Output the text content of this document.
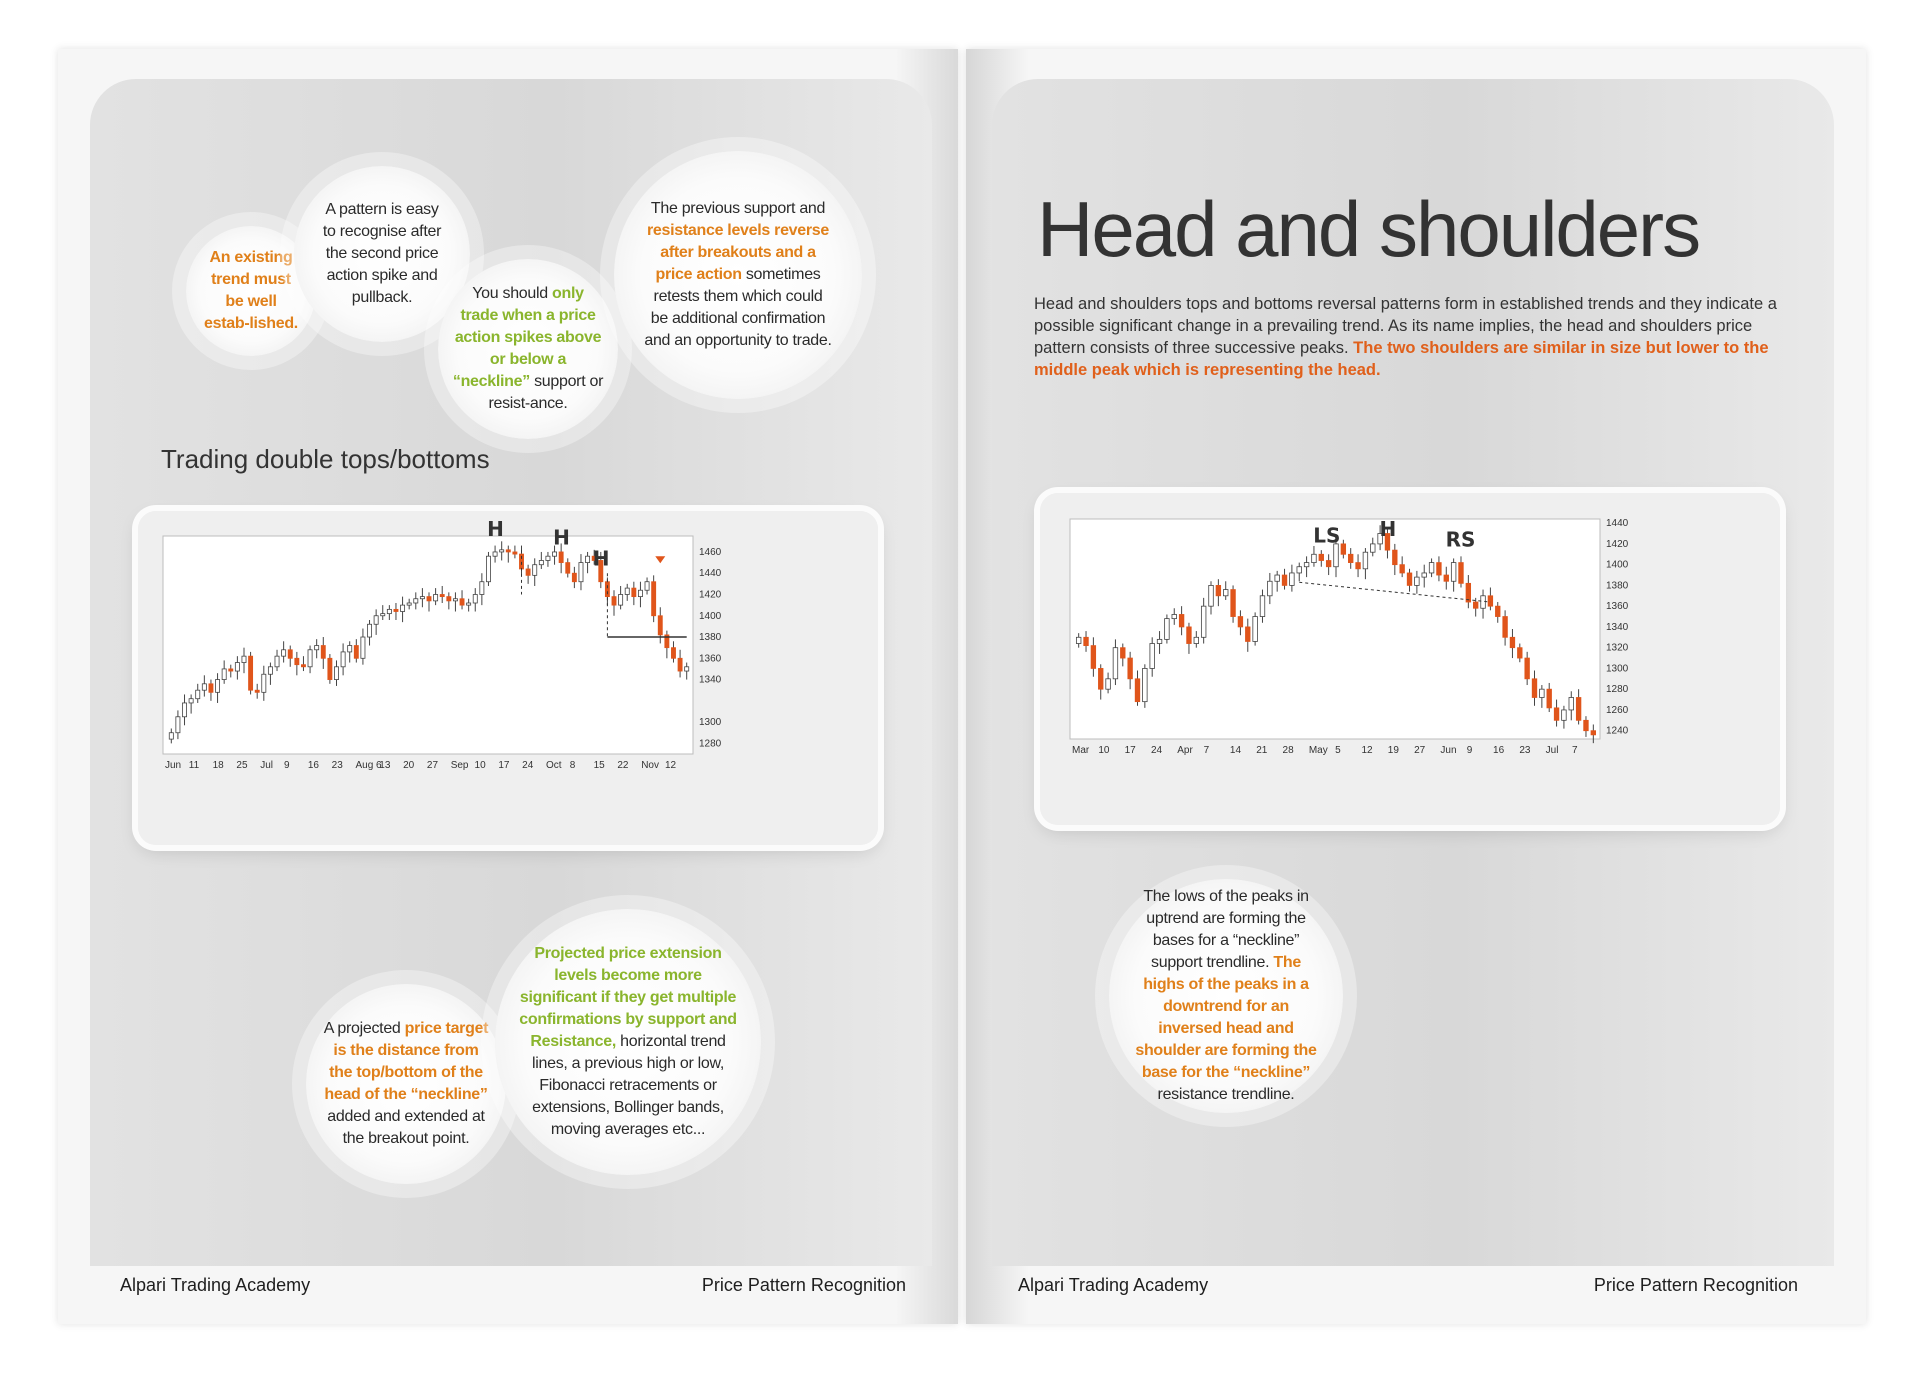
An existing trend must be well estab-lished.
A pattern is easy to recognise after the second price action spike and pullback.	You should only trade when a price action spikes above or below a “neckline” support or resist-ance.
The previous support and resistance levels reverse after breakouts and a price action sometimes retests them which could be additional confirmation and an opportunity to trade.
Trading double tops/bottoms
1460
1440
1420
1400
1380
1360
1340
1300
1280
Jun 11 18 25 Jul 9 16 23 Aug 6
13 20 27 Sep 10 17 24 Oct 8 15 22 Nov 12
H H
H
A projected price target is the distance from the top/bottom of the head of the “neckline” added and extended at the breakout point.
Projected price extension levels become more significant if they get multiple confirmations by support and Resistance, horizontal trend lines, a previous high or low, Fibonacci retracements or extensions, Bollinger bands, moving averages etc...
Alpari Trading Academy	Price Pattern Recognition
Head and shoulders
Head and shoulders tops and bottoms reversal patterns form in established trends and they indicate a possible significant change in a prevailing trend. As its name implies, the head and shoulders price pattern consists of three successive peaks. The two shoulders are similar in size but lower to the middle peak which is representing the head.
1440
1420
1400
1380
1360
1340
1320
1300
1280
1260
1240
Mar 10 17 24 Apr 7 14 21 28 May 5 12 19 27 Jun 9 16 23 Jul 7
LS H RS
The lows of the peaks in uptrend are forming the bases for a “neckline” support trendline. The highs of the peaks in a downtrend for an inversed head and shoulder are forming the base for the “neckline” resistance trendline.
Alpari Trading Academy	Price Pattern Recognition
